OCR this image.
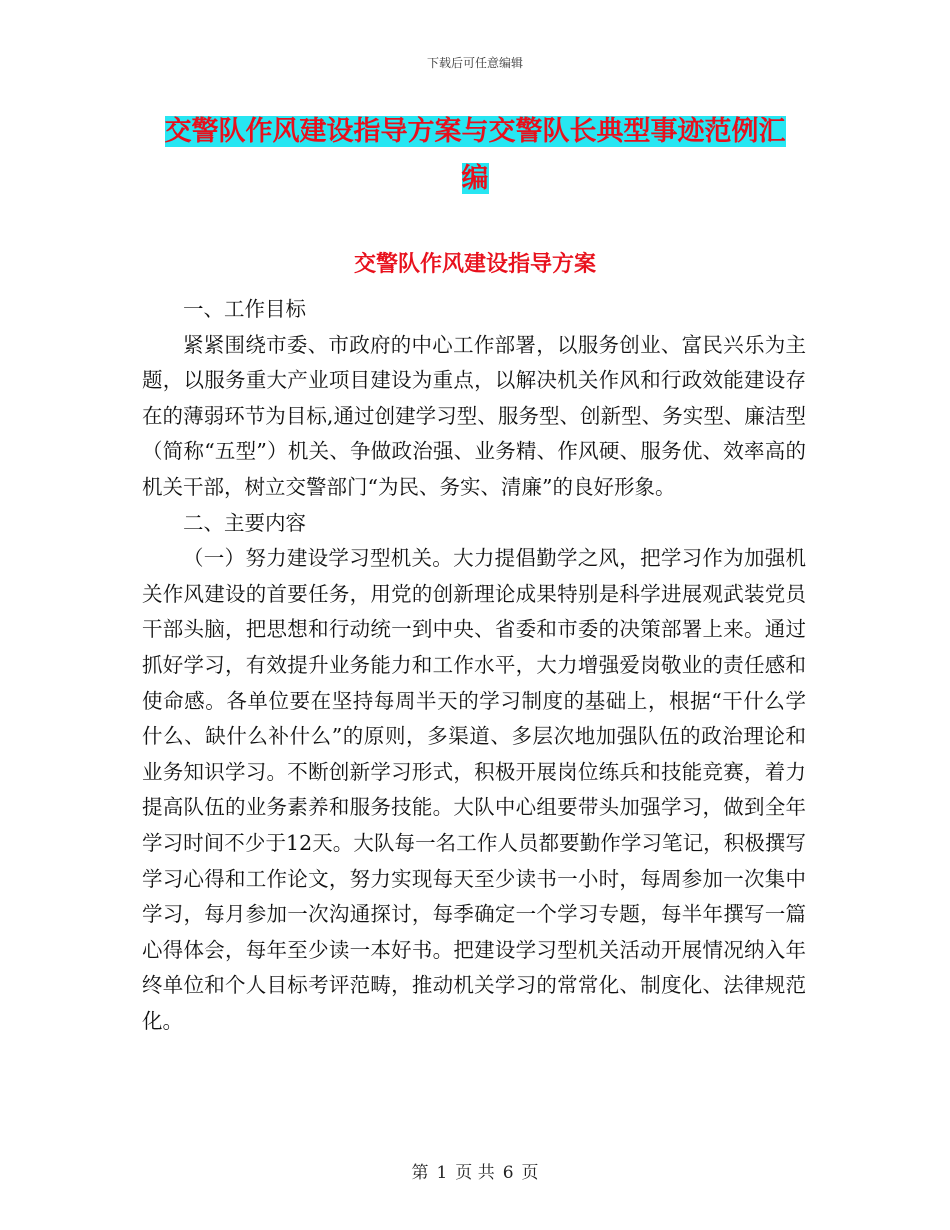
下载后可任意编辑
交警队作风建设指导方案与交警队长典型事迹范例汇
编
交警队作风建设指导方案

一、工作目标

紧紧围绕市委、市政府的中心工作部署，以服务创业、富民兴乐为主题，以服务重大产业项目建设为重点，以解决机关作风和行政效能建设存在的薄弱环节为目标,通过创建学习型、服务型、创新型、务实型、廉洁型（简称“五型”）机关、争做政治强、业务精、作风硬、服务优、效率高的机关干部，树立交警部门“为民、务实、清廉”的良好形象。

二、主要内容

（一）努力建设学习型机关。大力提倡勤学之风，把学习作为加强机关作风建设的首要任务，用党的创新理论成果特别是科学进展观武装党员干部头脑，把思想和行动统一到中央、省委和市委的决策部署上来。通过抓好学习，有效提升业务能力和工作水平，大力增强爱岗敬业的责任感和使命感。各单位要在坚持每周半天的学习制度的基础上，根据“干什么学什么、缺什么补什么”的原则，多渠道、多层次地加强队伍的政治理论和业务知识学习。不断创新学习形式，积极开展岗位练兵和技能竞赛，着力提高队伍的业务素养和服务技能。大队中心组要带头加强学习，做到全年学习时间不少于12天。大队每一名工作人员都要勤作学习笔记，积极撰写学习心得和工作论文，努力实现每天至少读书一小时，每周参加一次集中学习，每月参加一次沟通探讨，每季确定一个学习专题，每半年撰写一篇心得体会，每年至少读一本好书。把建设学习型机关活动开展情况纳入年终单位和个人目标考评范畴，推动机关学习的常常化、制度化、法律规范化。

第 1 页 共 6 页
